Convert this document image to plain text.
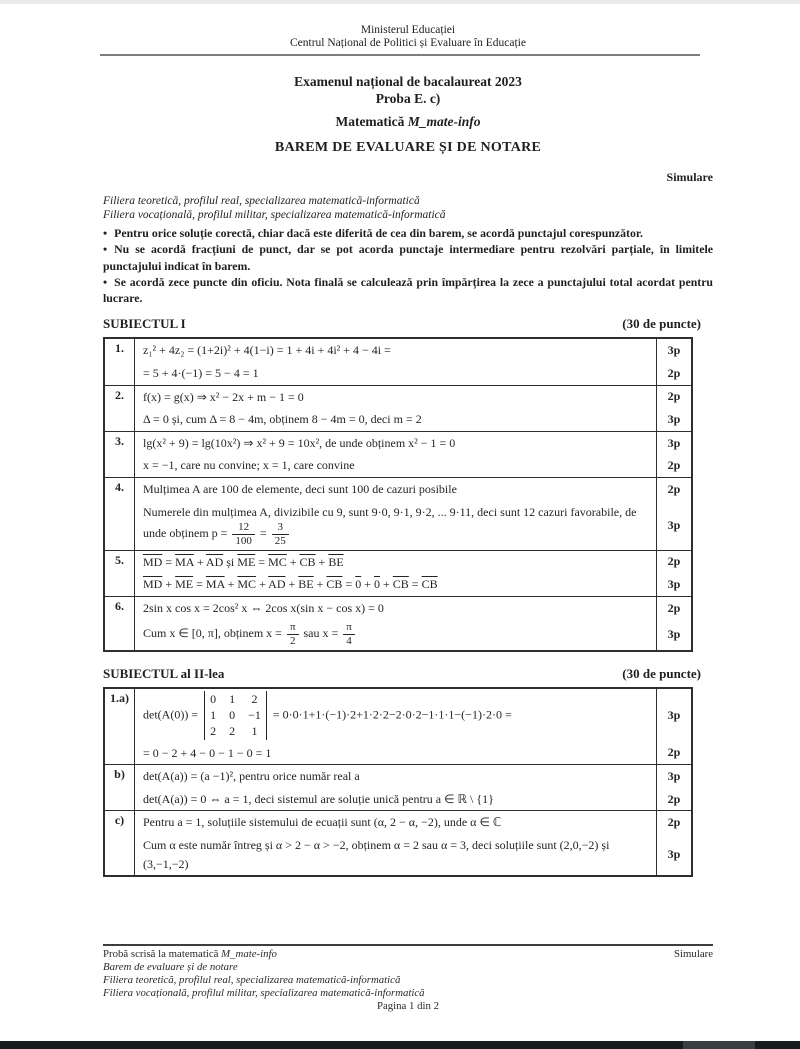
Ministerul Educației
Centrul Național de Politici și Evaluare în Educație
Examenul național de bacalaureat 2023
Proba E. c)
Matematică M_mate-info
BAREM DE EVALUARE ȘI DE NOTARE
Simulare
Filiera teoretică, profilul real, specializarea matematică-informatică
Filiera vocațională, profilul militar, specializarea matematică-informatică
• Pentru orice soluție corectă, chiar dacă este diferită de cea din barem, se acordă punctajul corespunzător.
• Nu se acordă fracțiuni de punct, dar se pot acorda punctaje intermediare pentru rezolvări parțiale, în limitele punctajului indicat în barem.
• Se acordă zece puncte din oficiu. Nota finală se calculează prin împărțirea la zece a punctajului total acordat pentru lucrare.
SUBIECTUL I	(30 de puncte)
1.	z₁² + 4z₂ = (1+2i)² + 4(1−i) = 1 + 4i + 4i² + 4 − 4i =	3p
	= 5 + 4·(−1) = 5 − 4 = 1	2p
2.	f(x) = g(x) ⇒ x² − 2x + m − 1 = 0	2p
	Δ = 0 și, cum Δ = 8 − 4m, obținem 8 − 4m = 0, deci m = 2	3p
3.	lg(x² + 9) = lg(10x²) ⇒ x² + 9 = 10x², de unde obținem x² − 1 = 0	3p
	x = −1, care nu convine; x = 1, care convine	2p
4.	Mulțimea A are 100 de elemente, deci sunt 100 de cazuri posibile	2p
Numerele din mulțimea A, divizibile cu 9, sunt 9·0, 9·1, 9·2, ... 9·11, deci sunt 12 cazuri favorabile, de unde obținem $p = \frac{12}{100} = \frac{3}{25}$	3p
5.	$\overline{MD} = \overline{MA} + \overline{AD}$ și $\overline{ME} = \overline{MC} + \overline{CB} + \overline{BE}$	2p
	$\overline{MD} + \overline{ME} = \overline{MA} + \overline{MC} + \overline{AD} + \overline{BE} + \overline{CB} = 0 + 0 + \overline{CB} = \overline{CB}$	3p
6.	2sin x cos x = 2cos² x ⇔ 2cos x(sin x − cos x) = 0	2p
Cum x ∈ [0, π], obținem $x = \frac{\pi}{2}$ sau $x = \frac{\pi}{4}$	3p
SUBIECTUL al II-lea	(30 de puncte)
1.a)	det(A(0)) =
0 1 2
1 0 −1
2 2 1
= 0·0·1+1·(−1)·2+1·2·2−2·0·2−1·1·1−(−1)·2·0 =	3p
	= 0 − 2 + 4 − 0 − 1 − 0 = 1	2p
b)	det(A(a)) = (a −1)², pentru orice număr real a	3p
	det(A(a)) = 0 ⇔ a = 1, deci sistemul are soluție unică pentru a ∈ ℝ \ {1}	2p
c)	Pentru a = 1, soluțiile sistemului de ecuații sunt (α, 2 − α, −2), unde α ∈ ℂ	2p
	Cum α este număr întreg și α > 2 − α > −2, obținem α = 2 sau α = 3, deci soluțiile sunt (2,0,−2) și (3,−1,−2)	3p
Probă scrisă la matematică M_mate-info	Simulare
Barem de evaluare și de notare
Filiera teoretică, profilul real, specializarea matematică-informatică
Filiera vocațională, profilul militar, specializarea matematică-informatică
Pagina 1 din 2
